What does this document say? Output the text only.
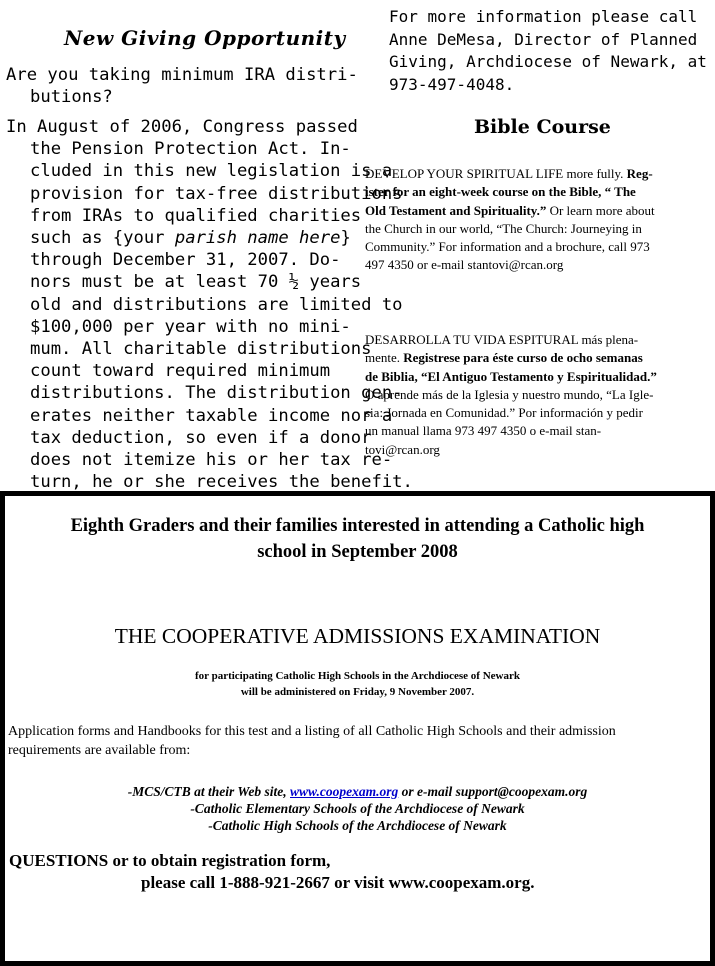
New Giving Opportunity
Are you taking minimum IRA distri-
butions?
In August of 2006, Congress passed
the Pension Protection Act. In-
cluded in this new legislation is a
provision for tax-free distributions
from IRAs to qualified charities
such as {your parish name here}
through December 31, 2007. Do-
nors must be at least 70 ½ years
old and distributions are limited to
$100,000 per year with no mini-
mum. All charitable distributions
count toward required minimum
distributions. The distribution gen-
erates neither taxable income nor a
tax deduction, so even if a donor
does not itemize his or her tax re-
turn, he or she receives the benefit.
For more information please call
Anne DeMesa, Director of Planned
Giving, Archdiocese of Newark, at
973-497-4048.
Bible Course
DEVELOP YOUR SPIRITUAL LIFE more fully. Reg-
ister for an eight-week course on the Bible, “ The
Old Testament and Spirituality.” Or learn more about
the Church in our world, “The Church: Journeying in
Community.” For information and a brochure, call 973
497 4350 or e-mail stantovi@rcan.org
DESARROLLA TU VIDA ESPITURAL más plena-
mente. Registrese para éste curso de ocho semanas
de Biblia, “El Antiguo Testamento y Espiritualidad.”
O aprende más de la Iglesia y nuestro mundo, “La Igle-
sia: Jornada en Comunidad.” Por información y pedir
un manual llama 973 497 4350 o e-mail stan-
tovi@rcan.org
Eighth Graders and their families interested in attending a Catholic high
school in September 2008
THE COOPERATIVE ADMISSIONS EXAMINATION
for participating Catholic High Schools in the Archdiocese of Newark
will be administered on Friday, 9 November 2007.
Application forms and Handbooks for this test and a listing of all Catholic High Schools and their admission
requirements are available from:
-MCS/CTB at their Web site, www.coopexam.org or e-mail support@coopexam.org
-Catholic Elementary Schools of the Archdiocese of Newark
-Catholic High Schools of the Archdiocese of Newark
QUESTIONS or to obtain registration form,
please call 1-888-921-2667 or visit www.coopexam.org.
